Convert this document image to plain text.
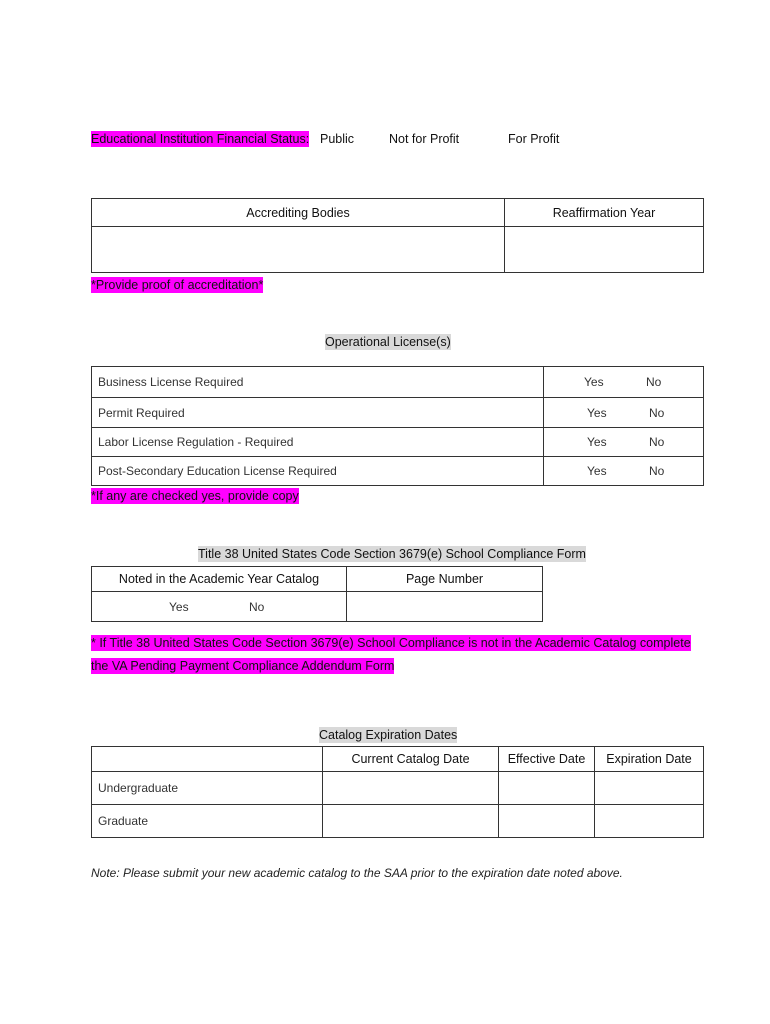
Educational Institution Financial Status: Public	Not for Profit	For Profit
Accrediting Bodies	Reaffirmation Year

*Provide proof of accreditation*
Operational License(s)
Business License Required	Yes No

Permit Required	Yes No

Labor License Regulation - Required	Yes No

Post-Secondary Education License Required	Yes No
*If any are checked yes, provide copy
Title 38 United States Code Section 3679(e) School Compliance Form
Noted in the Academic Year Catalog	Page Number

Yes No	

* If Title 38 United States Code Section 3679(e) School Compliance is not in the Academic Catalog complete
the VA Pending Payment Compliance Addendum Form
Catalog Expiration Dates
	Current Catalog Date	Effective Date	Expiration Date
Undergraduate			
Graduate			
Note: Please submit your new academic catalog to the SAA prior to the expiration date noted above.
